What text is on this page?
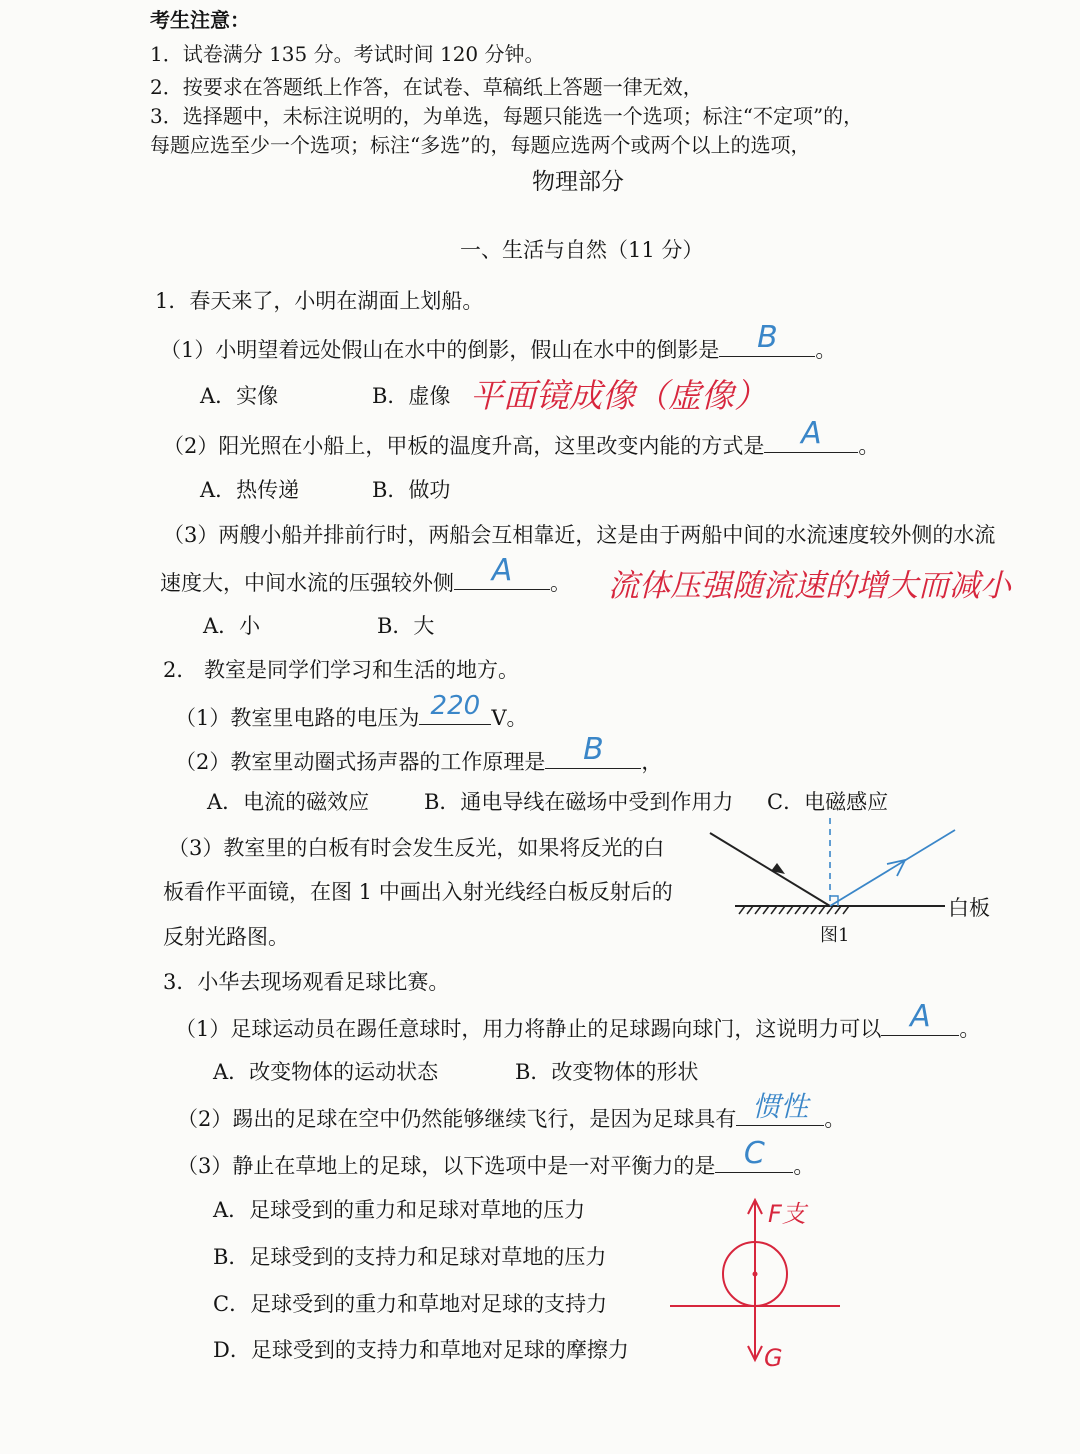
考生注意：
1．试卷满分 135 分。考试时间 120 分钟。
2．按要求在答题纸上作答，在试卷、草稿纸上答题一律无效，
3．选择题中，未标注说明的，为单选，每题只能选一个选项；标注“不定项”的，
每题应选至少一个选项；标注“多选”的，每题应选两个或两个以上的选项，
物理部分
一、生活与自然（11 分）
1．春天来了，小明在湖面上划船。
（1）小明望着远处假山在水中的倒影，假山在水中的倒影是	B	。
A．实像	B．虚像 平面镜成像（虚像）
（2）阳光照在小船上，甲板的温度升高，这里改变内能的方式是	A	。
A．热传递	B．做功
（3）两艘小船并排前行时，两船会互相靠近，这是由于两船中间的水流速度较外侧的水流
速度大，中间水流的压强较外侧	A	。 流体压强随流速的增大而减小
A．小	B．大
2． 教室是同学们学习和生活的地方。
（1）教室里电路的电压为 220 V。
（2）教室里动圈式扬声器的工作原理是	B	，
A．电流的磁效应	B．通电导线在磁场中受到作用力 C．电磁感应
（3）教室里的白板有时会发生反光，如果将反光的白
板看作平面镜，在图 1 中画出入射光线经白板反射后的
反射光路图。
白板
图1
3．小华去现场观看足球比赛。
（1）足球运动员在踢任意球时，用力将静止的足球踢向球门，这说明力可以 A	。
A．改变物体的运动状态	B．改变物体的形状
（2）踢出的足球在空中仍然能够继续飞行，是因为足球具有 惯性 。
（3）静止在草地上的足球，以下选项中是一对平衡力的是 C	。
A．足球受到的重力和足球对草地的压力
B．足球受到的支持力和足球对草地的压力
C．足球受到的重力和草地对足球的支持力
D．足球受到的支持力和草地对足球的摩擦力
F支
G
